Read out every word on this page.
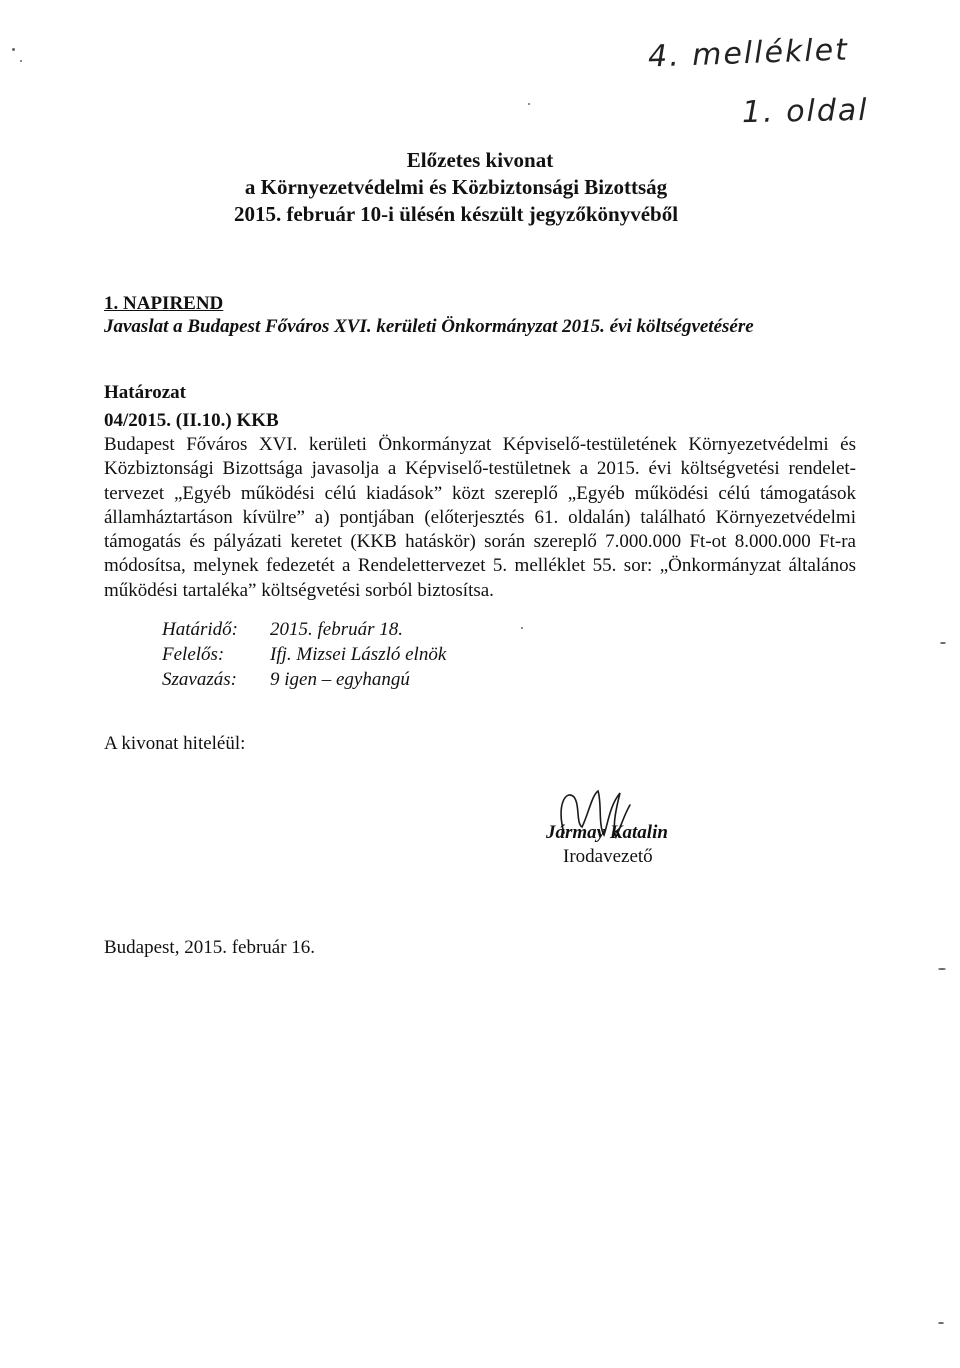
4. melléklet
1. oldal
Előzetes kivonat
a Környezetvédelmi és Közbiztonsági Bizottság
2015. február 10-i ülésén készült jegyzőkönyvéből
1. NAPIREND
Javaslat a Budapest Főváros XVI. kerületi Önkormányzat 2015. évi költségvetésére
Határozat
04/2015. (II.10.) KKB

Budapest Főváros XVI. kerületi Önkormányzat Képviselő-testületének Környezetvédelmi és Közbiztonsági Bizottsága javasolja a Képviselő-testületnek a 2015. évi költségvetési rendelet-tervezet „Egyéb működési célú kiadások” közt szereplő „Egyéb működési célú támogatások államháztartáson kívülre” a) pontjában (előterjesztés 61. oldalán) található Környezetvédelmi támogatás és pályázati keretet (KKB hatáskör) során szereplő 7.000.000 Ft-ot 8.000.000 Ft-ra módosítsa, melynek fedezetét a Rendelettervezet 5. melléklet 55. sor: „Önkormányzat általános működési tartaléka” költségvetési sorból biztosítsa.

Határidő:	2015. február 18.
Felelős:	Ifj. Mizsei László elnök
Szavazás:	9 igen – egyhangú
A kivonat hiteléül:
Jármay Katalin
Irodavezető
Budapest, 2015. február 16.
